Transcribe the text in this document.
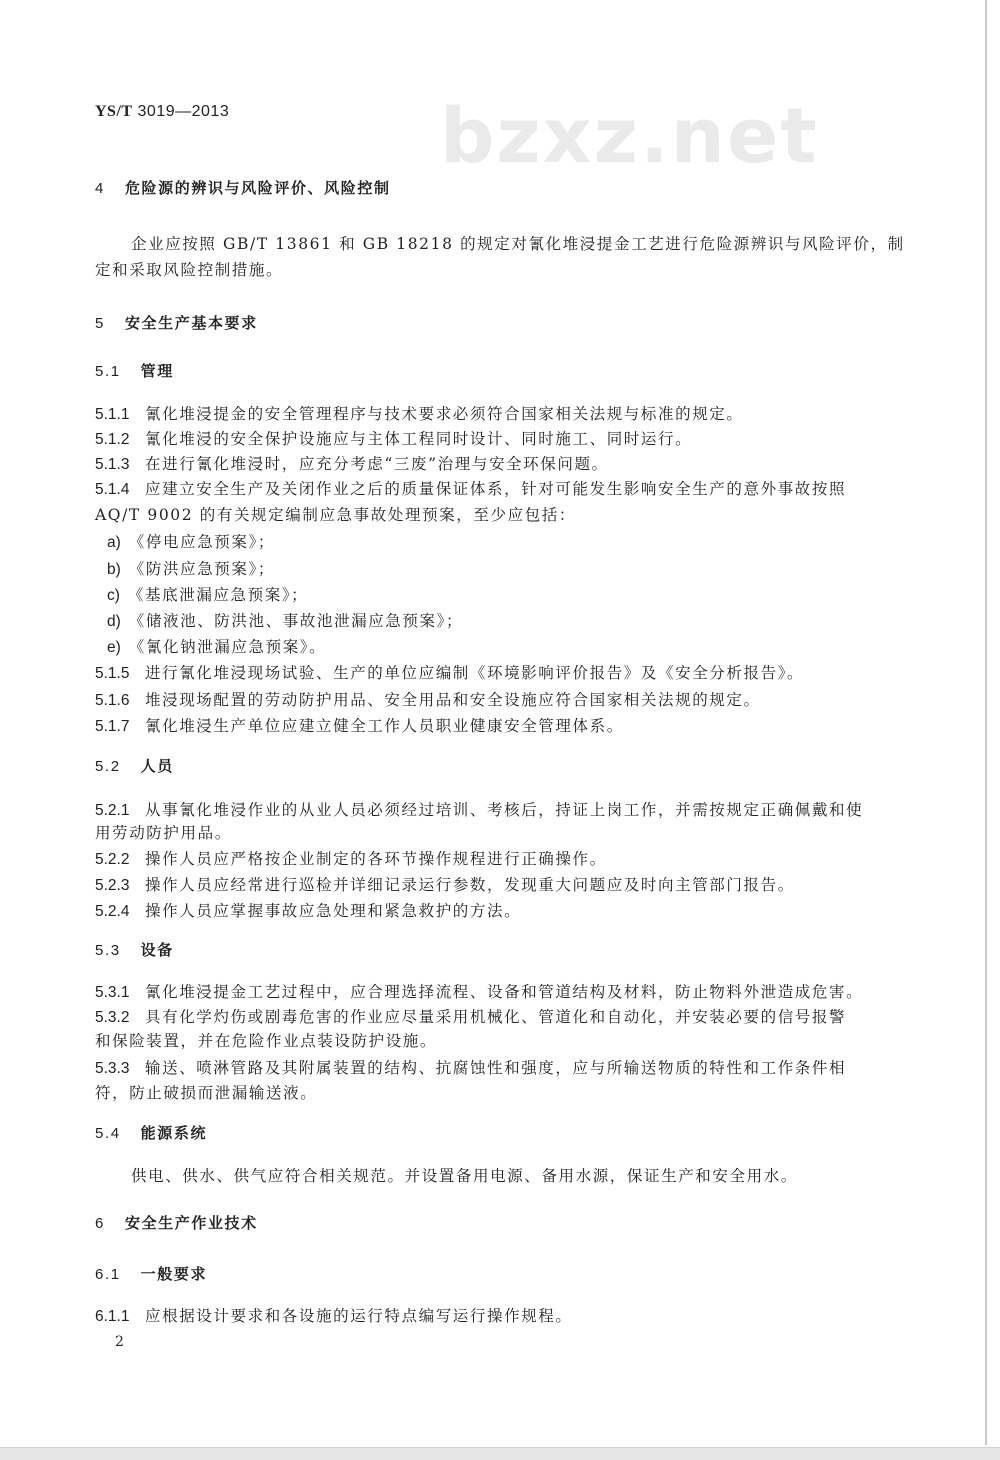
bzxz.net
YS/T 3019—2013
4 危险源的辨识与风险评价、风险控制
企业应按照 GB/T 13861 和 GB 18218 的规定对氰化堆浸提金工艺进行危险源辨识与风险评价，制
定和采取风险控制措施。
5 安全生产基本要求
5.1 管理
5.1.1 氰化堆浸提金的安全管理程序与技术要求必须符合国家相关法规与标准的规定。
5.1.2 氰化堆浸的安全保护设施应与主体工程同时设计、同时施工、同时运行。
5.1.3 在进行氰化堆浸时，应充分考虑“三废”治理与安全环保问题。
5.1.4 应建立安全生产及关闭作业之后的质量保证体系，针对可能发生影响安全生产的意外事故按照
AQ/T 9002 的有关规定编制应急事故处理预案，至少应包括：
a) 《停电应急预案》；
b) 《防洪应急预案》；
c) 《基底泄漏应急预案》；
d) 《储液池、防洪池、事故池泄漏应急预案》；
e) 《氰化钠泄漏应急预案》。
5.1.5 进行氰化堆浸现场试验、生产的单位应编制《环境影响评价报告》及《安全分析报告》。
5.1.6 堆浸现场配置的劳动防护用品、安全用品和安全设施应符合国家相关法规的规定。
5.1.7 氰化堆浸生产单位应建立健全工作人员职业健康安全管理体系。
5.2 人员
5.2.1 从事氰化堆浸作业的从业人员必须经过培训、考核后，持证上岗工作，并需按规定正确佩戴和使
用劳动防护用品。
5.2.2 操作人员应严格按企业制定的各环节操作规程进行正确操作。
5.2.3 操作人员应经常进行巡检并详细记录运行参数，发现重大问题应及时向主管部门报告。
5.2.4 操作人员应掌握事故应急处理和紧急救护的方法。
5.3 设备
5.3.1 氰化堆浸提金工艺过程中，应合理选择流程、设备和管道结构及材料，防止物料外泄造成危害。
5.3.2 具有化学灼伤或剧毒危害的作业应尽量采用机械化、管道化和自动化，并安装必要的信号报警
和保险装置，并在危险作业点装设防护设施。
5.3.3 输送、喷淋管路及其附属装置的结构、抗腐蚀性和强度，应与所输送物质的特性和工作条件相
符，防止破损而泄漏输送液。
5.4 能源系统
供电、供水、供气应符合相关规范。并设置备用电源、备用水源，保证生产和安全用水。
6 安全生产作业技术
6.1 一般要求
6.1.1 应根据设计要求和各设施的运行特点编写运行操作规程。
2
